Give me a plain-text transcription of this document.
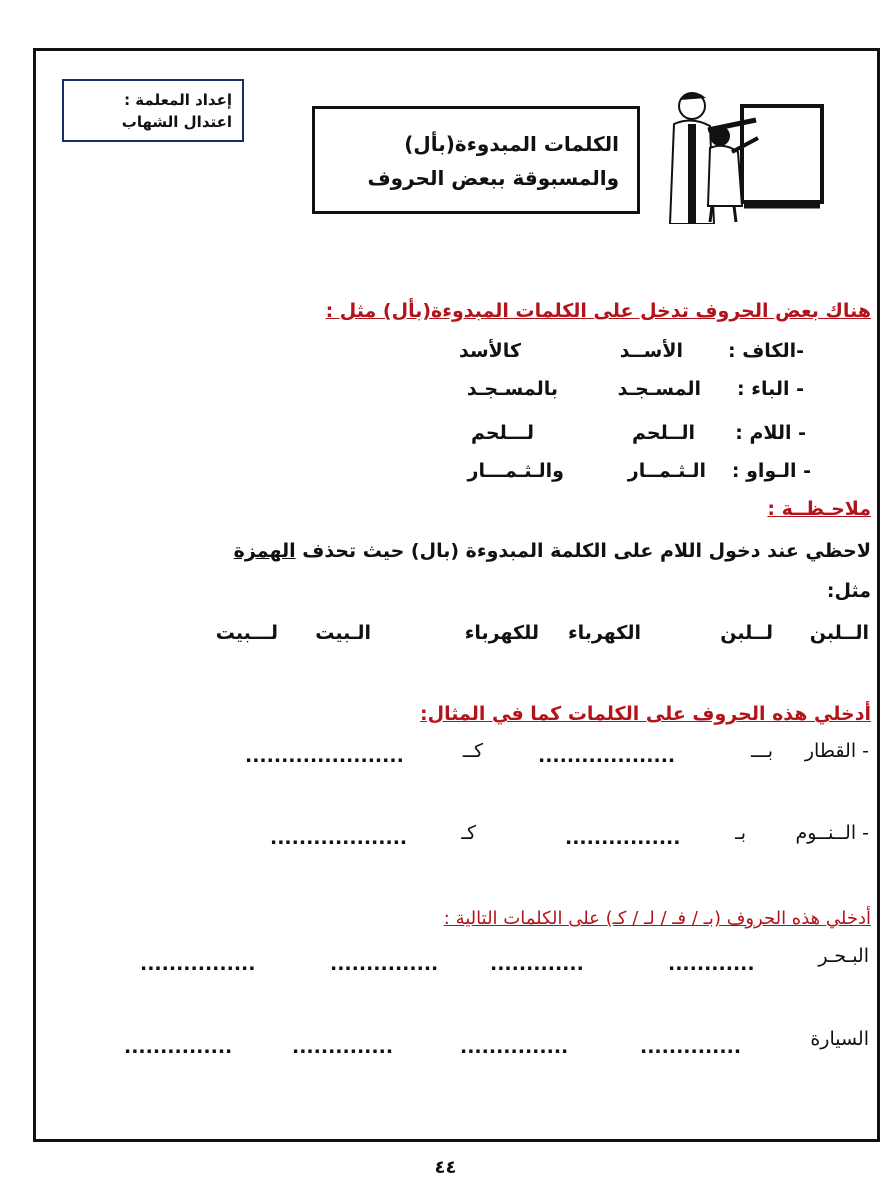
إعداد المعلمة :
اعتدال الشهاب
الكلمات المبدوءة(بأل)
والمسبوقة ببعض الحروف
هناك بعض الحروف تدخل على الكلمات المبدوءة(بأل) مثل :
-الكاف :
الأســد
كالأسد
- الباء :
المسـجـد
بالمسـجـد
- اللام :
الــلحم
لـــلحم
- الـواو :
الـثـمــار
والـثـمـــار
ملاحـظــة :
لاحظي عند دخول اللام على الكلمة المبدوءة (بال) حيث تحذف الهمزة
مثل:
الــلبن
لــلبن
الكهرباء
للكهرباء
الـبيت
لـــبيت
أدخلي هذه الحروف على الكلمات كما في المثال:
- القطار
بـــ
...................
كــ
......................
- الــنــوم
بـ
................
كـ
...................
أدخلي هذه الحروف (بـ / فـ / لـ / كـ) على الكلمات التالية :
البـحـر
............
.............
...............
................
السيارة
..............
...............
..............
...............
٤٤
